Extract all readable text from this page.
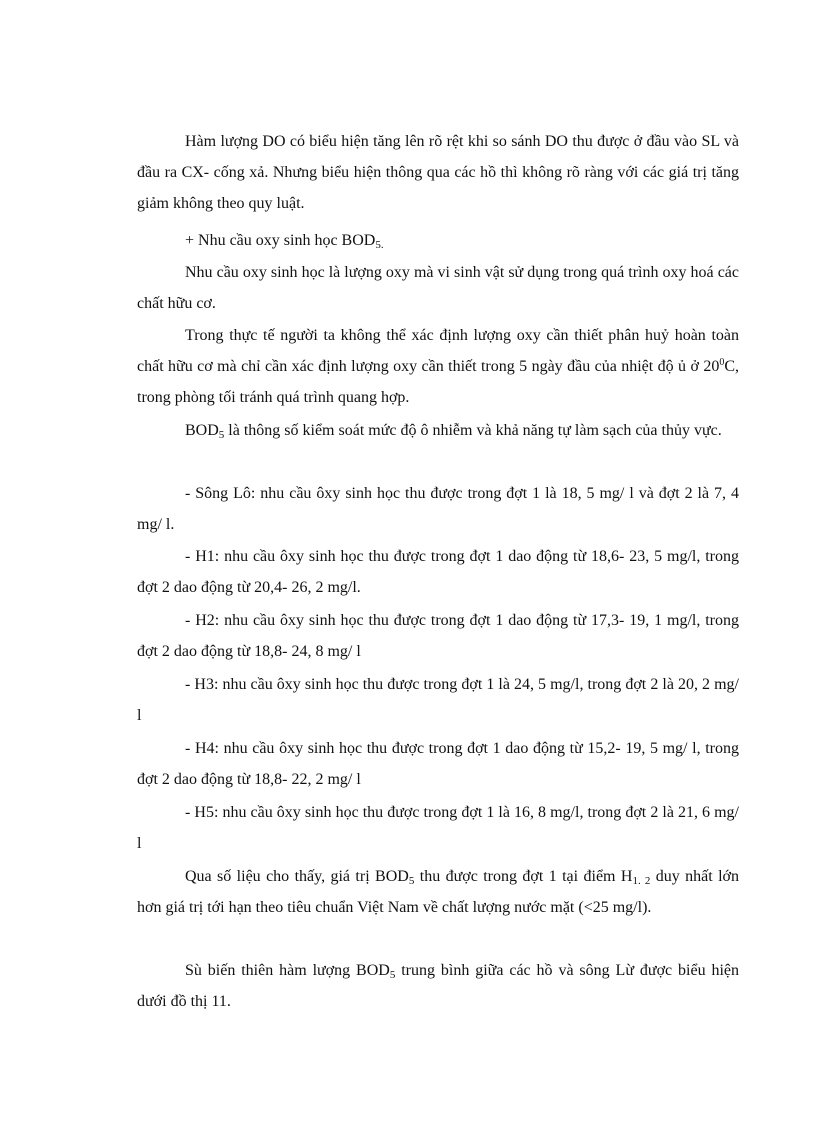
Hàm lượng DO có biểu hiện tăng lên rõ rệt khi so sánh DO thu được ở đầu vào SL và đầu ra CX- cống xả. Nhưng biểu hiện thông qua các hồ thì không rõ ràng với các giá trị tăng giảm không theo quy luật.

+ Nhu cầu oxy sinh học $BOD_{5.}$

Nhu cầu oxy sinh học là lượng oxy mà vi sinh vật sử dụng trong quá trình oxy hoá các chất hữu cơ.

Trong thực tế người ta không thể xác định lượng oxy cần thiết phân huỷ hoàn toàn chất hữu cơ mà chỉ cần xác định lượng oxy cần thiết trong 5 ngày đầu của nhiệt độ ủ ở $20^0C$, trong phòng tối tránh quá trình quang hợp.

$BOD_5$ là thông số kiểm soát mức độ ô nhiễm và khả năng tự làm sạch của thủy vực.

- Sông Lô: nhu cầu ôxy sinh học thu được trong đợt 1 là 18, 5 mg/ l và đợt 2 là 7, 4 mg/ l.

- H1: nhu cầu ôxy sinh học thu được trong đợt 1 dao động từ 18,6- 23, 5 mg/l, trong đợt 2 dao động từ 20,4- 26, 2 mg/l.

- H2: nhu cầu ôxy sinh học thu được trong đợt 1 dao động từ 17,3- 19, 1 mg/l, trong đợt 2 dao động từ 18,8- 24, 8 mg/ l

- H3: nhu cầu ôxy sinh học thu được trong đợt 1 là 24, 5 mg/l, trong đợt 2 là 20, 2 mg/ l

- H4: nhu cầu ôxy sinh học thu được trong đợt 1 dao động từ 15,2- 19, 5 mg/ l, trong đợt 2 dao động từ 18,8- 22, 2 mg/ l

- H5: nhu cầu ôxy sinh học thu được trong đợt 1 là 16, 8 mg/l, trong đợt 2 là 21, 6 mg/ l

Qua số liệu cho thấy, giá trị $BOD_5$ thu được trong đợt 1 tại điểm $H_{1. 2}$ duy nhất lớn hơn giá trị tới hạn theo tiêu chuẩn Việt Nam về chất lượng nước mặt (<25 mg/l).

Sù biến thiên hàm lượng $BOD_5$ trung bình giữa các hồ và sông Lừ được biểu hiện dưới đồ thị 11.
